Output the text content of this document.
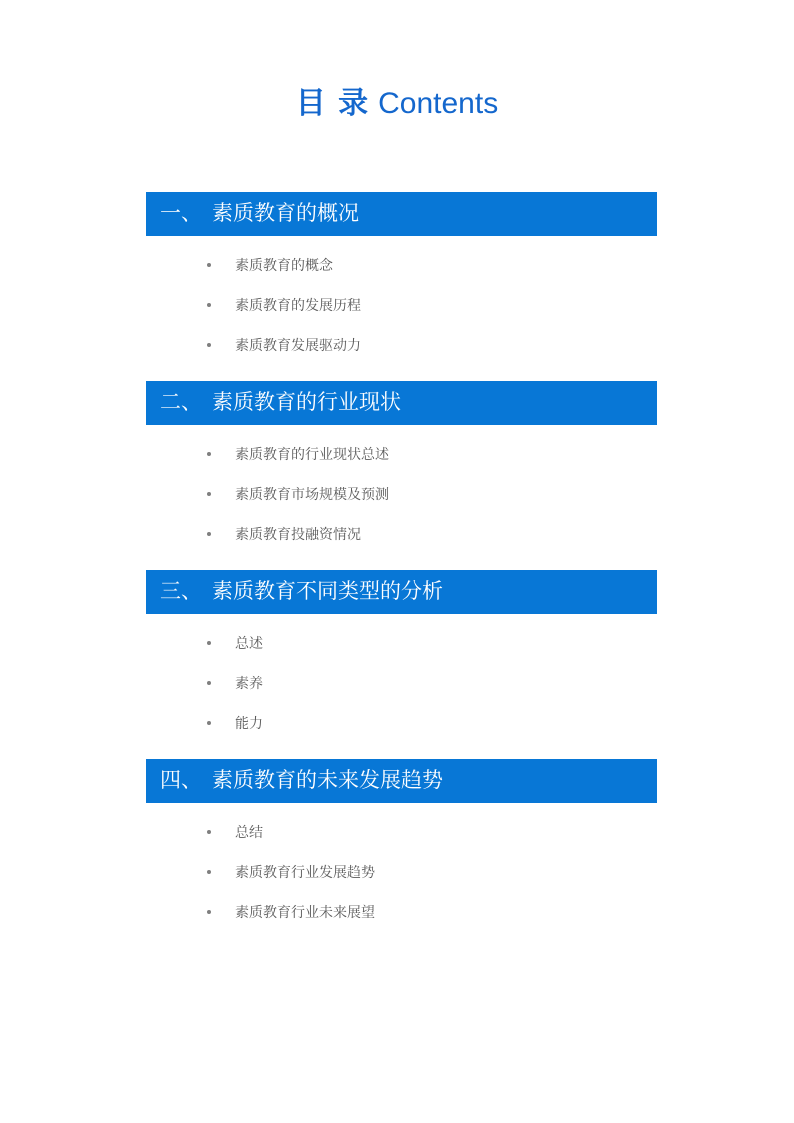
目 录 Contents
一、 素质教育的概况
素质教育的概念
素质教育的发展历程
素质教育发展驱动力
二、 素质教育的行业现状
素质教育的行业现状总述
素质教育市场规模及预测
素质教育投融资情况
三、 素质教育不同类型的分析
总述
素养
能力
四、 素质教育的未来发展趋势
总结
素质教育行业发展趋势
素质教育行业未来展望
